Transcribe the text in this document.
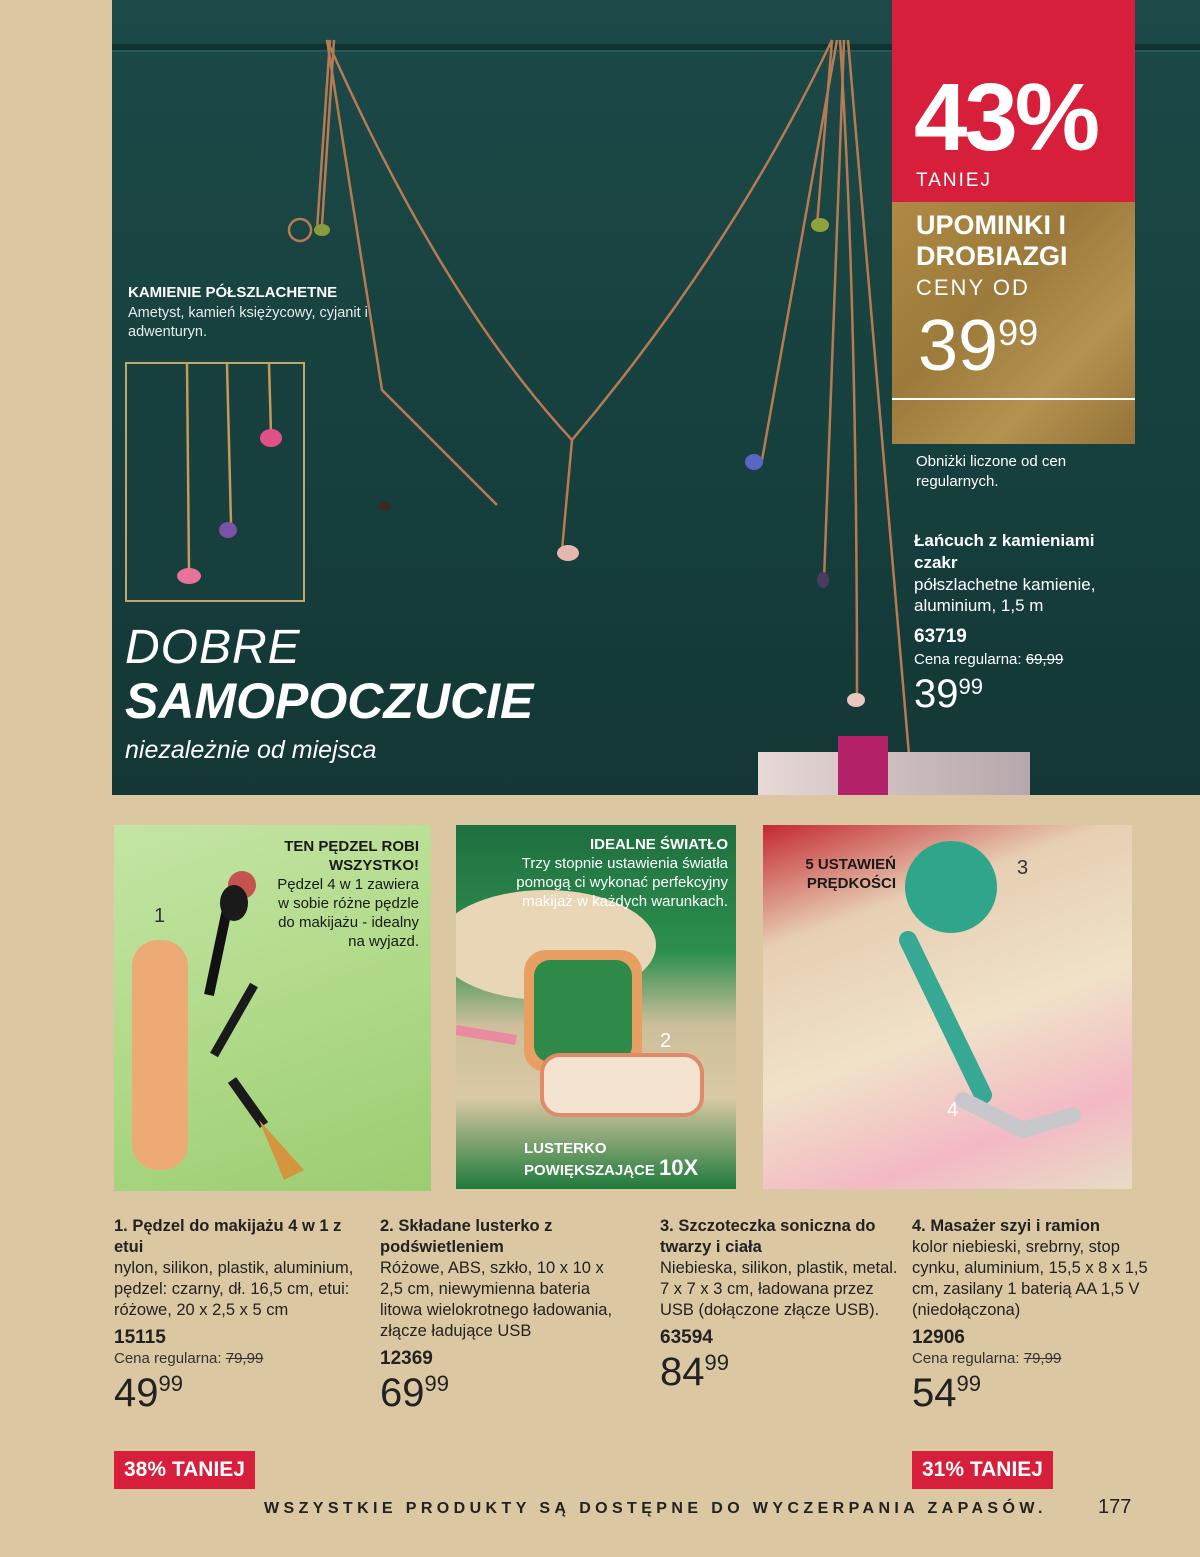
KAMIENIE PÓŁSZLACHETNE
Ametyst, kamień księżycowy, cyjanit i adwenturyn.
DOBRE
SAMOPOCZUCIE
niezależnie od miejsca
43%
TANIEJ
UPOMINKI I DROBIAZGI
CENY OD
3999
Obniżki liczone od cen regularnych.
Łańcuch z kamieniami czakr
półszlachetne kamienie, aluminium, 1,5 m
63719
Cena regularna: 69,99
3999
TEN PĘDZEL ROBI WSZYSTKO!
Pędzel 4 w 1 zawiera w sobie różne pędzle do makijażu - idealny na wyjazd.
1
IDEALNE ŚWIATŁO
Trzy stopnie ustawienia światła pomogą ci wykonać perfekcyjny makijaż w każdych warunkach.
2
LUSTERKO POWIĘKSZAJĄCE 10X
5 USTAWIEŃ PRĘDKOŚCI
3
4
1. Pędzel do makijażu 4 w 1 z etui
nylon, silikon, plastik, aluminium, pędzel: czarny, dł. 16,5 cm, etui: różowe, 20 x 2,5 x 5 cm
15115
Cena regularna: 79,99
4999
38% TANIEJ
2. Składane lusterko z podświetleniem
Różowe, ABS, szkło, 10 x 10 x 2,5 cm, niewymienna bateria litowa wielokrotnego ładowania, złącze ładujące USB
12369
6999
3. Szczoteczka soniczna do twarzy i ciała
Niebieska, silikon, plastik, metal. 7 x 7 x 3 cm, ładowana przez USB (dołączone złącze USB).
63594
8499
4. Masażer szyi i ramion
kolor niebieski, srebrny, stop cynku, aluminium, 15,5 x 8 x 1,5 cm, zasilany 1 baterią AA 1,5 V (niedołączona)
12906
Cena regularna: 79,99
5499
31% TANIEJ
WSZYSTKIE PRODUKTY SĄ DOSTĘPNE DO WYCZERPANIA ZAPASÓW.	177
